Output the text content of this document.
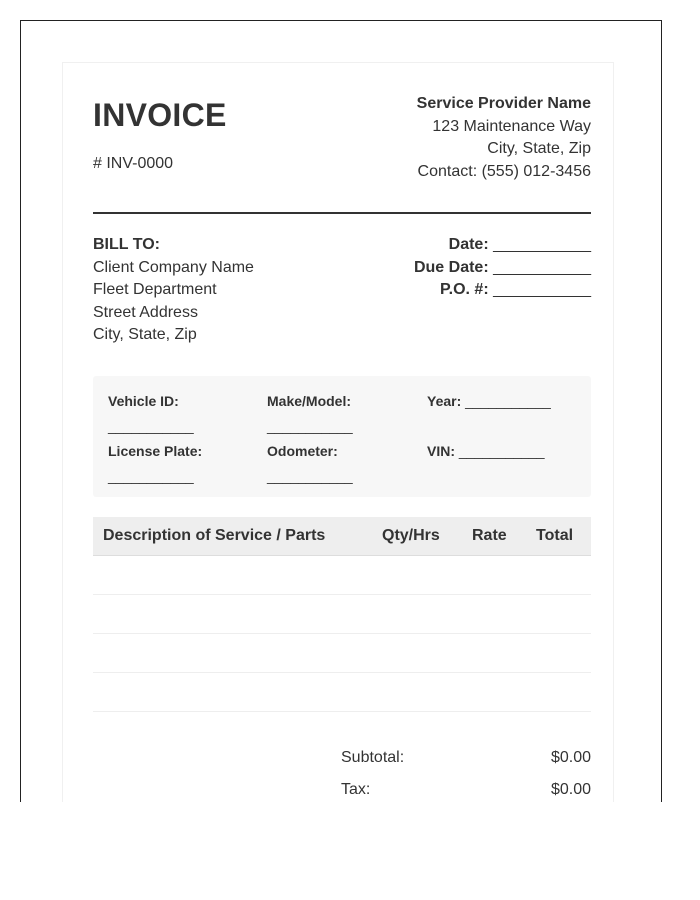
INVOICE
# INV-0000
Service Provider Name
123 Maintenance Way
City, State, Zip
Contact: (555) 012-3456
BILL TO:
Client Company Name
Fleet Department
Street Address
City, State, Zip
Date: ___________
Due Date: ___________
P.O. #: ___________
Vehicle ID:
___________
Make/Model:
___________
Year: ___________
License Plate:
___________
Odometer:
___________
VIN: ___________
Description of Service / Parts	Qty/Hrs Rate Total
Subtotal:	$0.00
Tax:	$0.00
